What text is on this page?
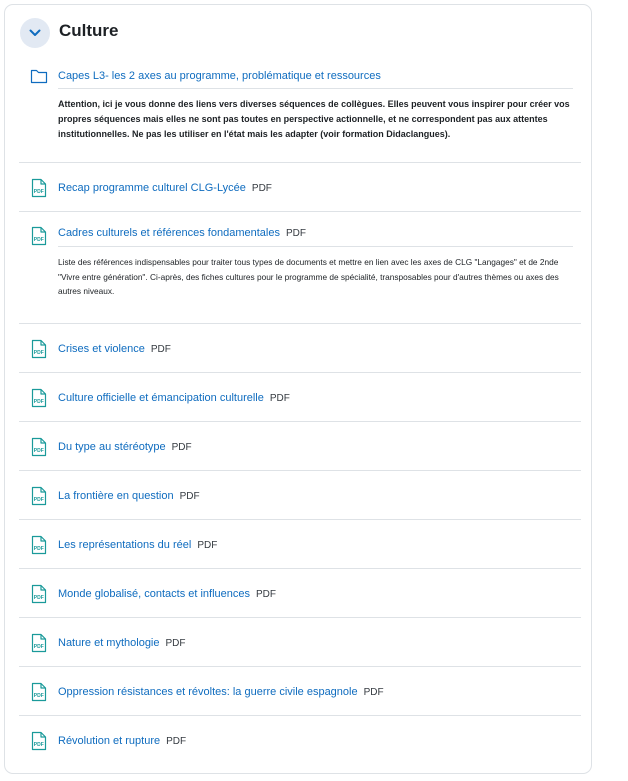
Culture
Capes L3- les 2 axes au programme, problématique et ressources

Attention, ici je vous donne des liens vers diverses séquences de collègues. Elles peuvent vous inspirer pour créer vos propres séquences mais elles ne sont pas toutes en perspective actionnelle, et ne correspondent pas aux attentes institutionnelles. Ne pas les utiliser en l'état mais les adapter (voir formation Didaclangues).

PDF Recap programme culturel CLG-Lycée PDF
PDF
Cadres culturels et références fondamentales PDF

Liste des références indispensables pour traiter tous types de documents et mettre en lien avec les axes de CLG "Langages" et de 2nde "Vivre entre génération". Ci-après, des fiches cultures pour le programme de spécialité, transposables pour d'autres thèmes ou axes des autres niveaux.

PDF Crises et violence PDF
PDF Culture officielle et émancipation culturelle PDF
PDF Du type au stéréotype PDF
PDF La frontière en question PDF
PDF Les représentations du réel PDF
PDF Monde globalisé, contacts et influences PDF
PDF Nature et mythologie PDF
PDF Oppression résistances et révoltes: la guerre civile espagnole PDF
PDF Révolution et rupture PDF
